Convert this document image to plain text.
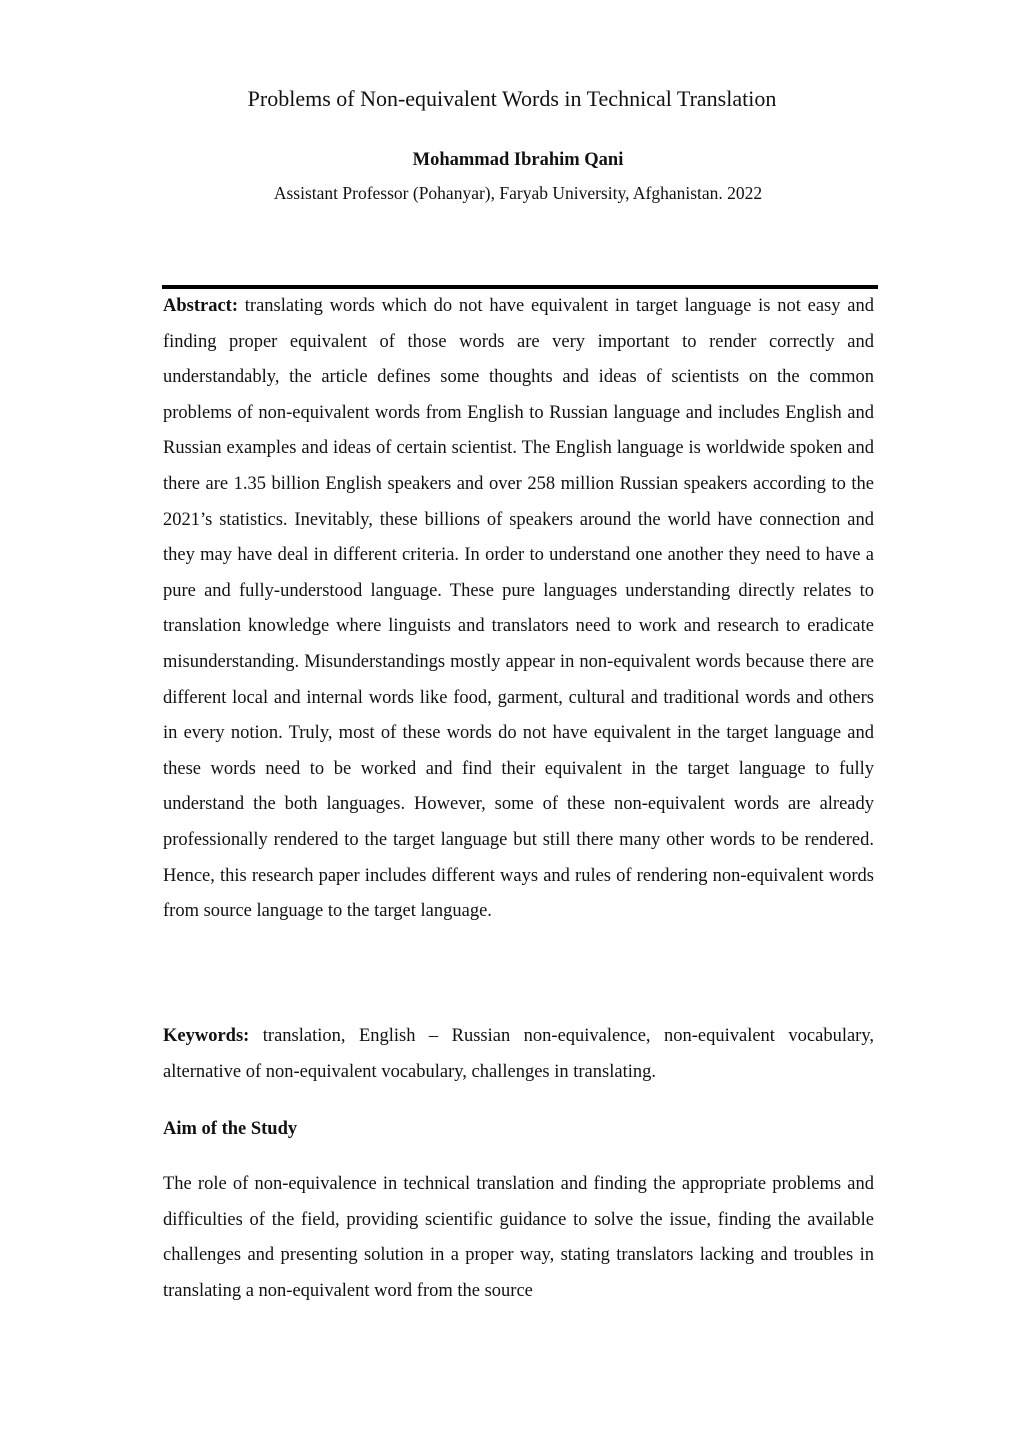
Problems of Non-equivalent Words in Technical Translation
Mohammad Ibrahim Qani
Assistant Professor (Pohanyar), Faryab University, Afghanistan. 2022
Abstract: translating words which do not have equivalent in target language is not easy and finding proper equivalent of those words are very important to render correctly and understandably, the article defines some thoughts and ideas of scientists on the common problems of non-equivalent words from English to Russian language and includes English and Russian examples and ideas of certain scientist. The English language is worldwide spoken and there are 1.35 billion English speakers and over 258 million Russian speakers according to the 2021’s statistics. Inevitably, these billions of speakers around the world have connection and they may have deal in different criteria. In order to understand one another they need to have a pure and fully-understood language. These pure languages understanding directly relates to translation knowledge where linguists and translators need to work and research to eradicate misunderstanding. Misunderstandings mostly appear in non-equivalent words because there are different local and internal words like food, garment, cultural and traditional words and others in every notion. Truly, most of these words do not have equivalent in the target language and these words need to be worked and find their equivalent in the target language to fully understand the both languages. However, some of these non-equivalent words are already professionally rendered to the target language but still there many other words to be rendered. Hence, this research paper includes different ways and rules of rendering non-equivalent words from source language to the target language.
Keywords: translation, English – Russian non-equivalence, non-equivalent vocabulary, alternative of non-equivalent vocabulary, challenges in translating.
Aim of the Study
The role of non-equivalence in technical translation and finding the appropriate problems and difficulties of the field, providing scientific guidance to solve the issue, finding the available challenges and presenting solution in a proper way, stating translators lacking and troubles in translating a non-equivalent word from the source
